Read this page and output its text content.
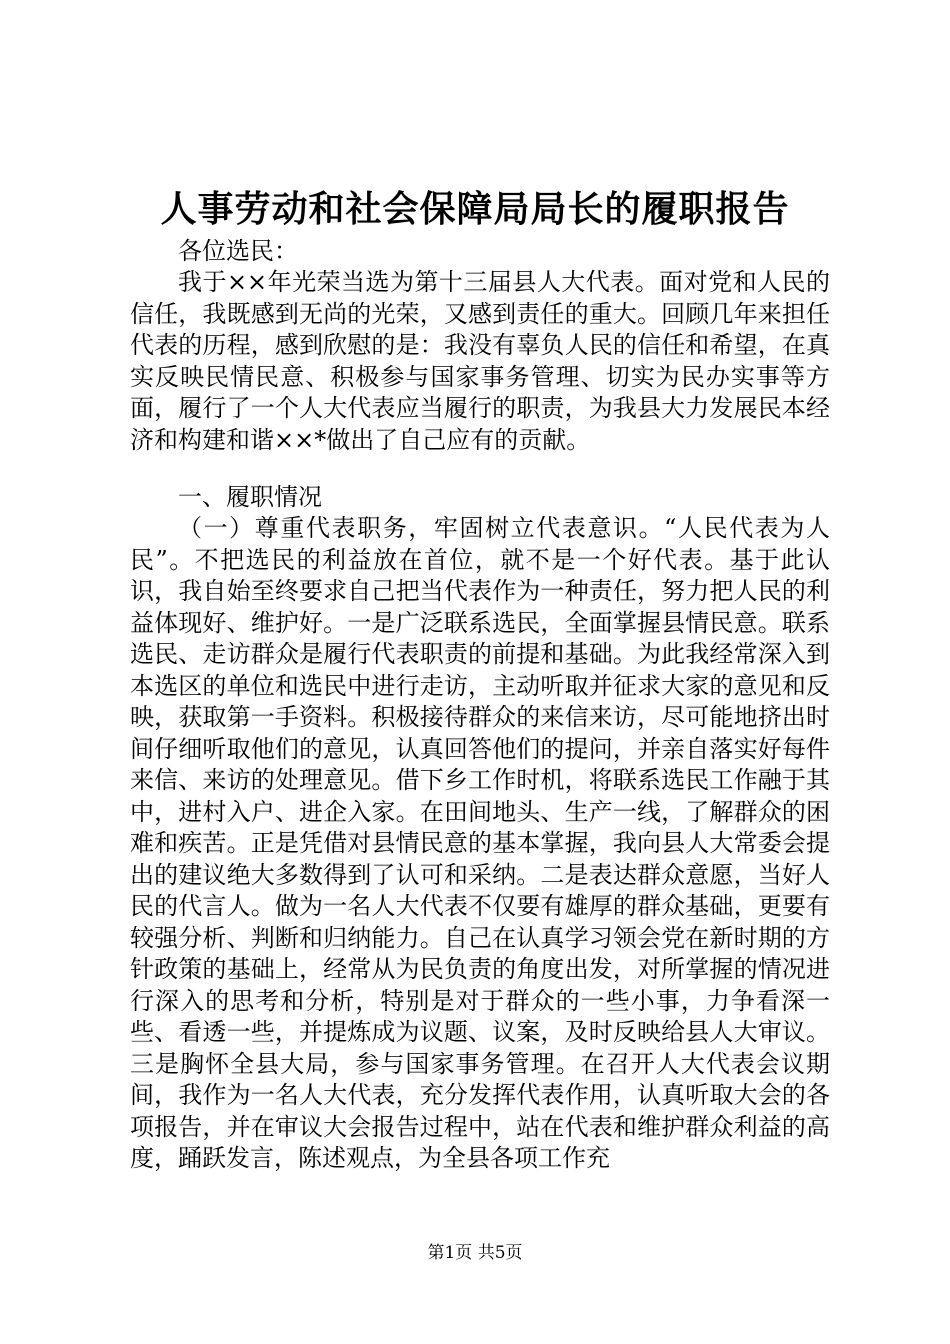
人事劳动和社会保障局局长的履职报告

各位选民：

我于××年光荣当选为第十三届县人大代表。面对党和人民的信任，我既感到无尚的光荣，又感到责任的重大。回顾几年来担任代表的历程，感到欣慰的是：我没有辜负人民的信任和希望，在真实反映民情民意、积极参与国家事务管理、切实为民办实事等方面，履行了一个人大代表应当履行的职责，为我县大力发展民本经济和构建和谐××*做出了自己应有的贡献。

一、履职情况

（一）尊重代表职务，牢固树立代表意识。“人民代表为人民”。不把选民的利益放在首位，就不是一个好代表。基于此认识，我自始至终要求自己把当代表作为一种责任，努力把人民的利益体现好、维护好。一是广泛联系选民，全面掌握县情民意。联系选民、走访群众是履行代表职责的前提和基础。为此我经常深入到本选区的单位和选民中进行走访，主动听取并征求大家的意见和反映，获取第一手资料。积极接待群众的来信来访，尽可能地挤出时间仔细听取他们的意见，认真回答他们的提问，并亲自落实好每件来信、来访的处理意见。借下乡工作时机，将联系选民工作融于其中，进村入户、进企入家。在田间地头、生产一线，了解群众的困难和疾苦。正是凭借对县情民意的基本掌握，我向县人大常委会提出的建议绝大多数得到了认可和采纳。二是表达群众意愿，当好人民的代言人。做为一名人大代表不仅要有雄厚的群众基础，更要有较强分析、判断和归纳能力。自己在认真学习领会党在新时期的方针政策的基础上，经常从为民负责的角度出发，对所掌握的情况进行深入的思考和分析，特别是对于群众的一些小事，力争看深一些、看透一些，并提炼成为议题、议案，及时反映给县人大审议。三是胸怀全县大局，参与国家事务管理。在召开人大代表会议期间，我作为一名人大代表，充分发挥代表作用，认真听取大会的各项报告，并在审议大会报告过程中，站在代表和维护群众利益的高度，踊跃发言，陈述观点，为全县各项工作充

第1页 共5页
